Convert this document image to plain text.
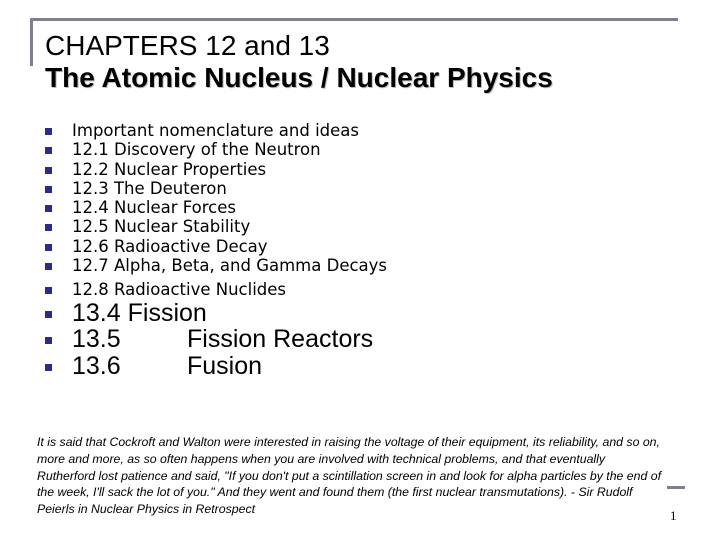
CHAPTERS 12 and 13
The Atomic Nucleus / Nuclear Physics
Important nomenclature and ideas
12.1 Discovery of the Neutron
12.2 Nuclear Properties
12.3 The Deuteron
12.4 Nuclear Forces
12.5 Nuclear Stability
12.6 Radioactive Decay
12.7 Alpha, Beta, and Gamma Decays
12.8 Radioactive Nuclides
13.4 Fission
13.5	Fission Reactors
13.6	Fusion

It is said that Cockroft and Walton were interested in raising the voltage of their equipment, its reliability, and so on, more and more, as so often happens when you are involved with technical problems, and that eventually Rutherford lost patience and said, "If you don't put a scintillation screen in and look for alpha particles by the end of the week, I'll sack the lot of you." And they went and found them (the first nuclear transmutations). - Sir Rudolf Peierls in Nuclear Physics in Retrospect	1
